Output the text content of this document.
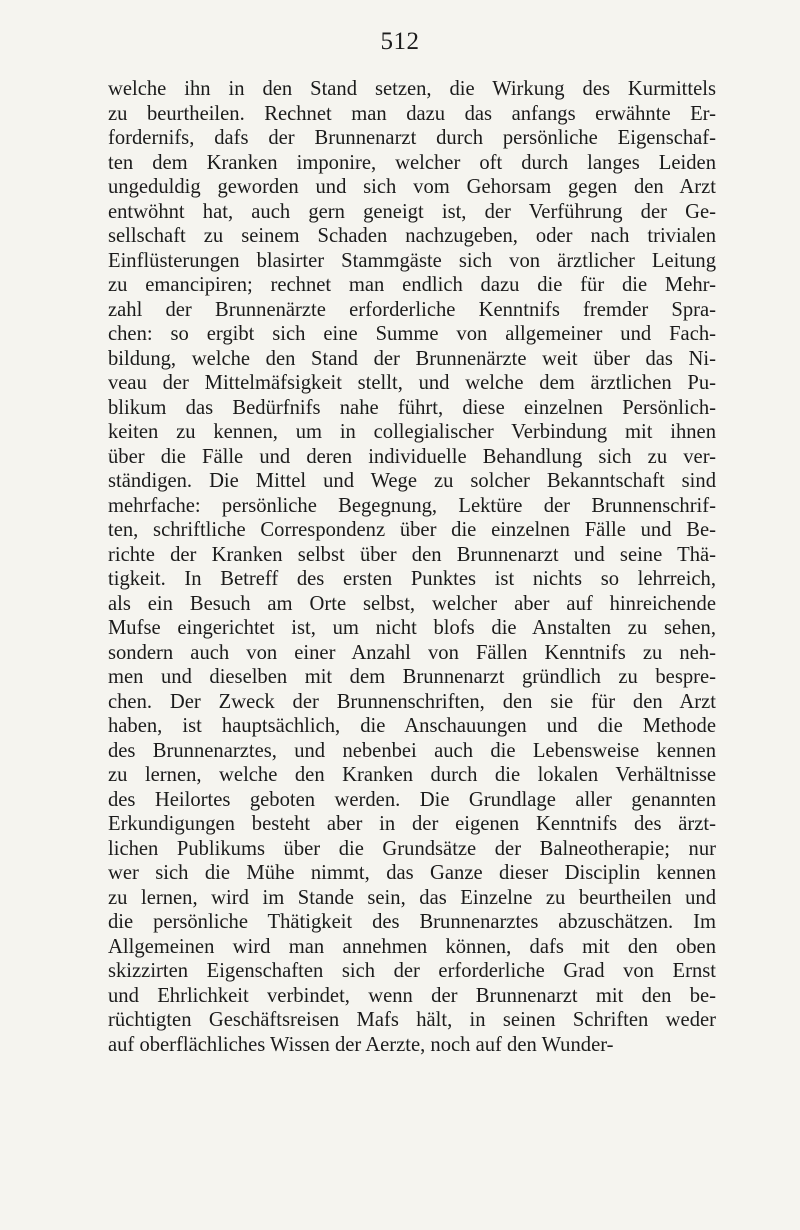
512
welche ihn in den Stand setzen, die Wirkung des Kurmittels
zu beurtheilen. Rechnet man dazu das anfangs erwähnte Er-
fordernifs, dafs der Brunnenarzt durch persönliche Eigenschaf-
ten dem Kranken imponire, welcher oft durch langes Leiden
ungeduldig geworden und sich vom Gehorsam gegen den Arzt
entwöhnt hat, auch gern geneigt ist, der Verführung der Ge-
sellschaft zu seinem Schaden nachzugeben, oder nach trivialen
Einflüsterungen blasirter Stammgäste sich von ärztlicher Leitung
zu emancipiren; rechnet man endlich dazu die für die Mehr-
zahl der Brunnenärzte erforderliche Kenntnifs fremder Spra-
chen: so ergibt sich eine Summe von allgemeiner und Fach-
bildung, welche den Stand der Brunnenärzte weit über das Ni-
veau der Mittelmäfsigkeit stellt, und welche dem ärztlichen Pu-
blikum das Bedürfnifs nahe führt, diese einzelnen Persönlich-
keiten zu kennen, um in collegialischer Verbindung mit ihnen
über die Fälle und deren individuelle Behandlung sich zu ver-
ständigen. Die Mittel und Wege zu solcher Bekanntschaft sind
mehrfache: persönliche Begegnung, Lektüre der Brunnenschrif-
ten, schriftliche Correspondenz über die einzelnen Fälle und Be-
richte der Kranken selbst über den Brunnenarzt und seine Thä-
tigkeit. In Betreff des ersten Punktes ist nichts so lehrreich,
als ein Besuch am Orte selbst, welcher aber auf hinreichende
Mufse eingerichtet ist, um nicht blofs die Anstalten zu sehen,
sondern auch von einer Anzahl von Fällen Kenntnifs zu neh-
men und dieselben mit dem Brunnenarzt gründlich zu bespre-
chen. Der Zweck der Brunnenschriften, den sie für den Arzt
haben, ist hauptsächlich, die Anschauungen und die Methode
des Brunnenarztes, und nebenbei auch die Lebensweise kennen
zu lernen, welche den Kranken durch die lokalen Verhältnisse
des Heilortes geboten werden. Die Grundlage aller genannten
Erkundigungen besteht aber in der eigenen Kenntnifs des ärzt-
lichen Publikums über die Grundsätze der Balneotherapie; nur
wer sich die Mühe nimmt, das Ganze dieser Disciplin kennen
zu lernen, wird im Stande sein, das Einzelne zu beurtheilen und
die persönliche Thätigkeit des Brunnenarztes abzuschätzen. Im
Allgemeinen wird man annehmen können, dafs mit den oben
skizzirten Eigenschaften sich der erforderliche Grad von Ernst
und Ehrlichkeit verbindet, wenn der Brunnenarzt mit den be-
rüchtigten Geschäftsreisen Mafs hält, in seinen Schriften weder
auf oberflächliches Wissen der Aerzte, noch auf den Wunder-
